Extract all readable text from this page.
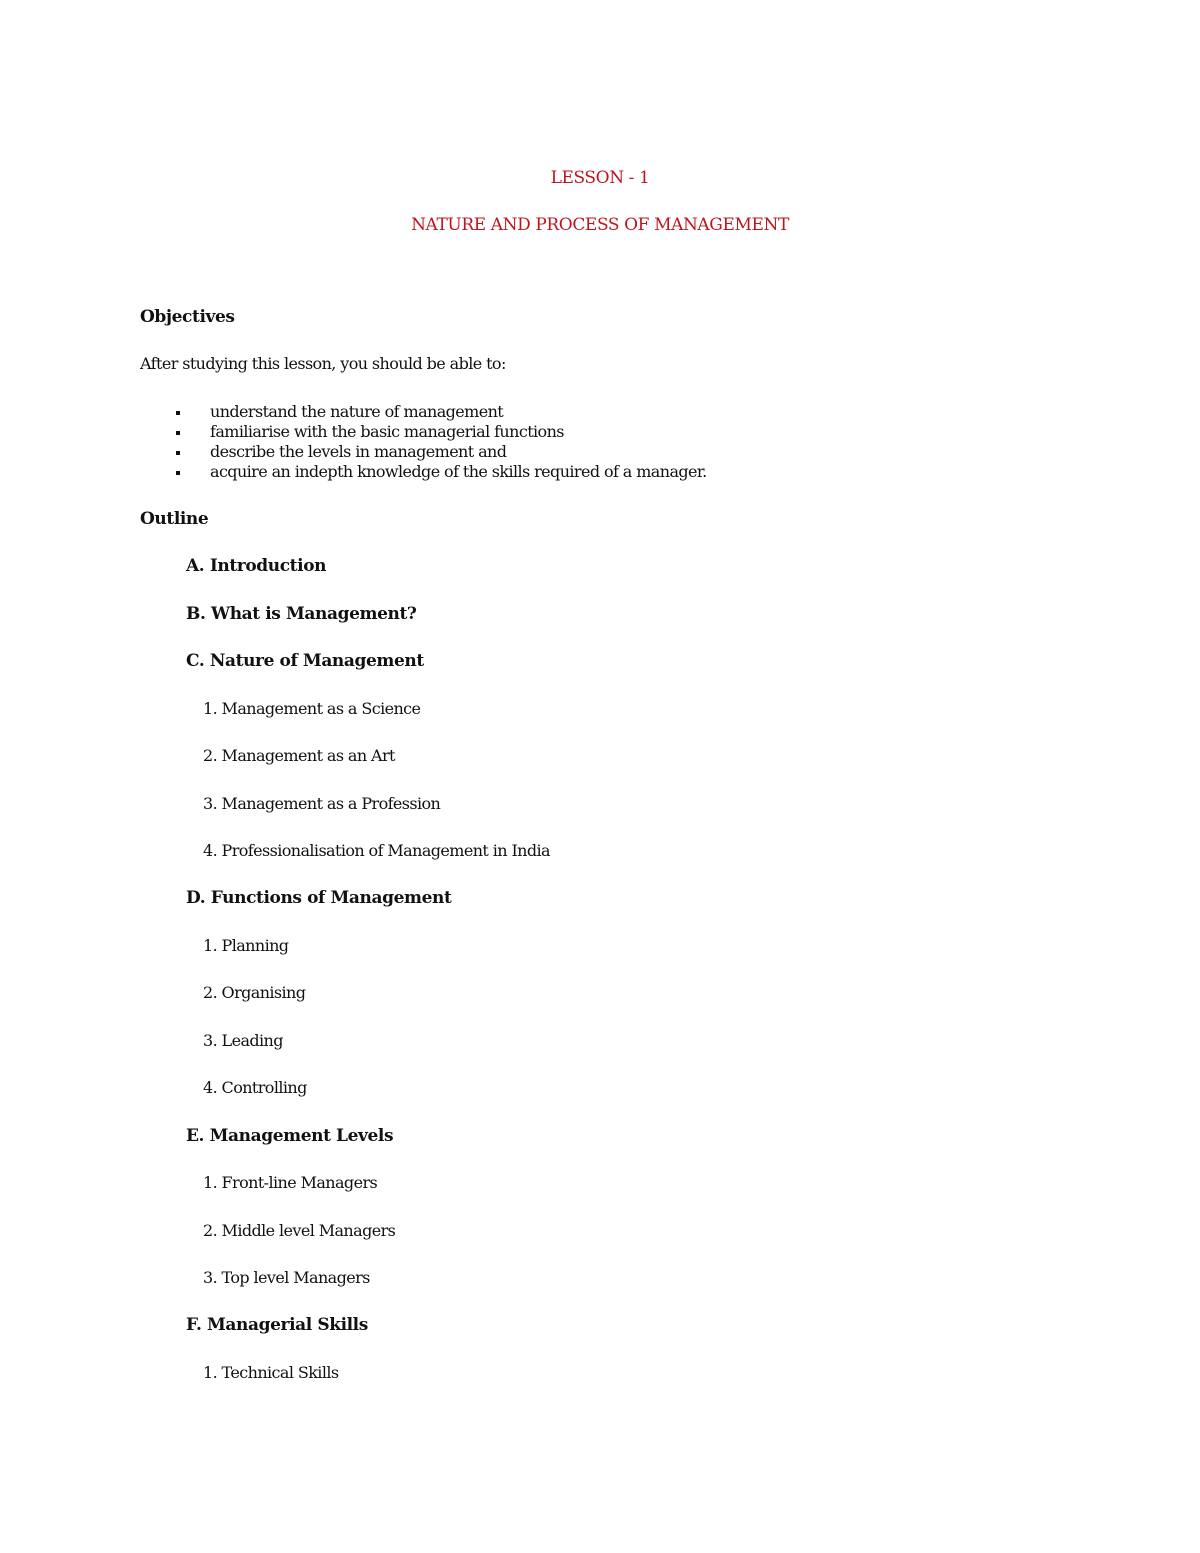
LESSON - 1
NATURE AND PROCESS OF MANAGEMENT
Objectives
After studying this lesson, you should be able to:
understand the nature of management
familiarise with the basic managerial functions
describe the levels in management and
acquire an indepth knowledge of the skills required of a manager.
Outline
A. Introduction
B. What is Management?
C. Nature of Management
1. Management as a Science
2. Management as an Art
3. Management as a Profession
4. Professionalisation of Management in India
D. Functions of Management
1. Planning
2. Organising
3. Leading
4. Controlling
E. Management Levels
1. Front-line Managers
2. Middle level Managers
3. Top level Managers
F. Managerial Skills
1. Technical Skills
